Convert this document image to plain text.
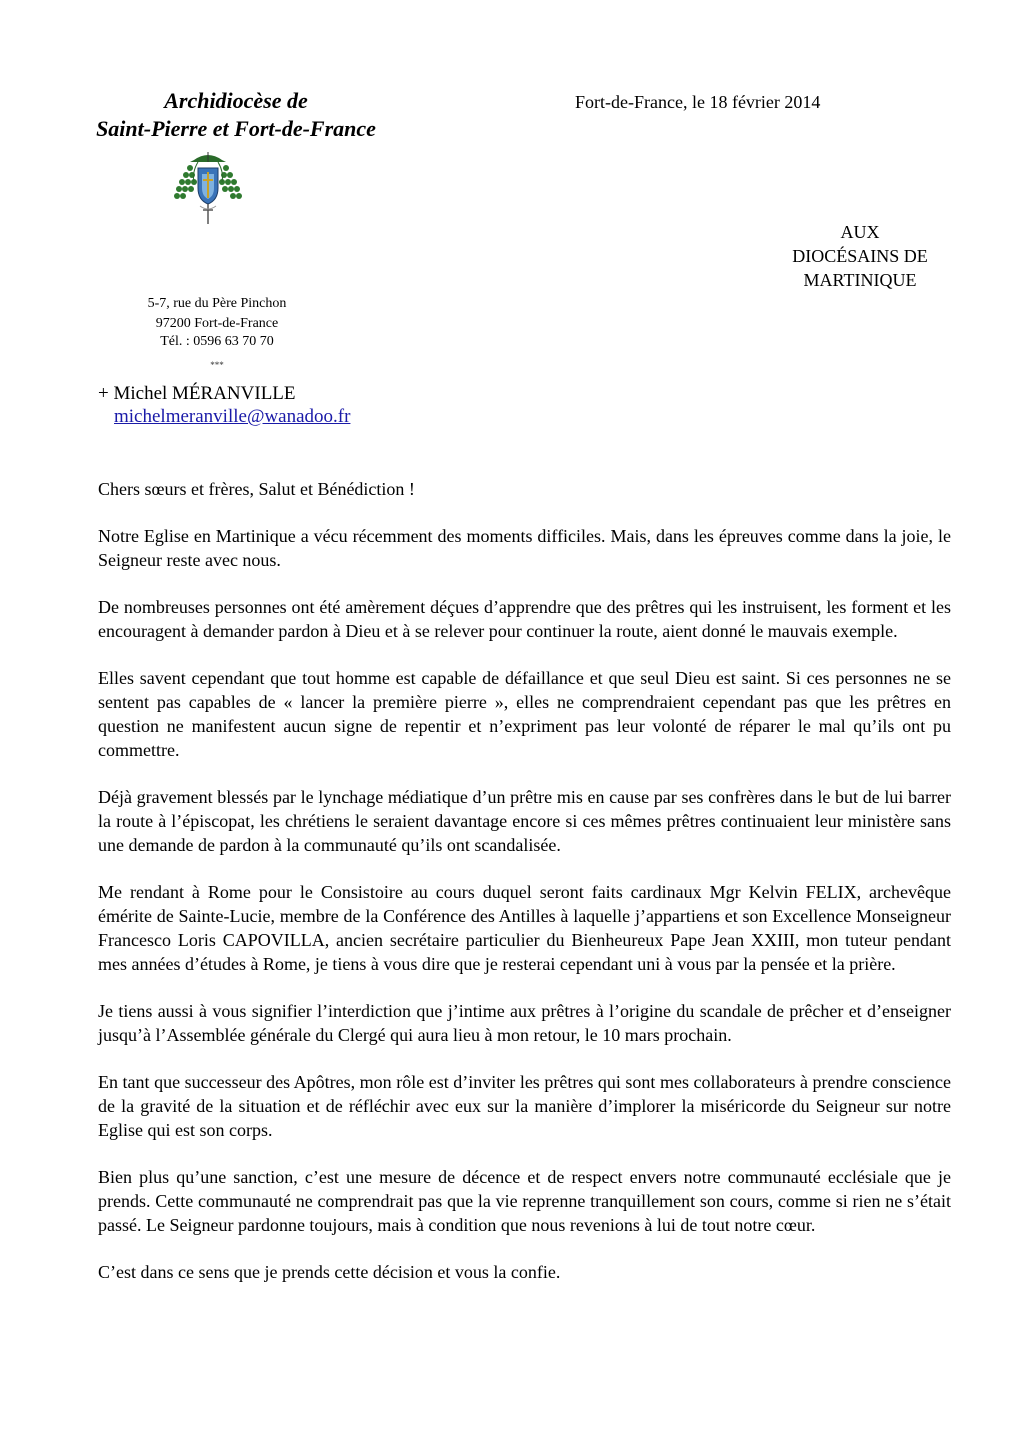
Archidiocèse de
Saint-Pierre et Fort-de-France
Fort-de-France, le 18 février 2014
AUX
DIOCÉSAINS DE
MARTINIQUE
5-7, rue du Père Pinchon
97200 Fort-de-France
Tél. : 0596 63 70 70
***
+ Michel MÉRANVILLE
michelmeranville@wanadoo.fr

Chers sœurs et frères, Salut et Bénédiction !

Notre Eglise en Martinique a vécu récemment des moments difficiles. Mais, dans les épreuves comme dans la joie, le Seigneur reste avec nous.

De nombreuses personnes ont été amèrement déçues d’apprendre que des prêtres qui les instruisent, les forment et les encouragent à demander pardon à Dieu et à se relever pour continuer la route, aient donné le mauvais exemple.

Elles savent cependant que tout homme est capable de défaillance et que seul Dieu est saint. Si ces personnes ne se sentent pas capables de « lancer la première pierre », elles ne comprendraient cependant pas que les prêtres en question ne manifestent aucun signe de repentir et n’expriment pas leur volonté de réparer le mal qu’ils ont pu commettre.

Déjà gravement blessés par le lynchage médiatique d’un prêtre mis en cause par ses confrères dans le but de lui barrer la route à l’épiscopat, les chrétiens le seraient davantage encore si ces mêmes prêtres continuaient leur ministère sans une demande de pardon à la communauté qu’ils ont scandalisée.

Me rendant à Rome pour le Consistoire au cours duquel seront faits cardinaux Mgr Kelvin FELIX, archevêque émérite de Sainte-Lucie, membre de la Conférence des Antilles à laquelle j’appartiens et son Excellence Monseigneur Francesco Loris CAPOVILLA, ancien secrétaire particulier du Bienheureux Pape Jean XXIII, mon tuteur pendant mes années d’études à Rome, je tiens à vous dire que je resterai cependant uni à vous par la pensée et la prière.

Je tiens aussi à vous signifier l’interdiction que j’intime aux prêtres à l’origine du scandale de prêcher et d’enseigner jusqu’à l’Assemblée générale du Clergé qui aura lieu à mon retour, le 10 mars prochain.

En tant que successeur des Apôtres, mon rôle est d’inviter les prêtres qui sont mes collaborateurs à prendre conscience de la gravité de la situation et de réfléchir avec eux sur la manière d’implorer la miséricorde du Seigneur sur notre Eglise qui est son corps.

Bien plus qu’une sanction, c’est une mesure de décence et de respect envers notre communauté ecclésiale que je prends. Cette communauté ne comprendrait pas que la vie reprenne tranquillement son cours, comme si rien ne s’était passé. Le Seigneur pardonne toujours, mais à condition que nous revenions à lui de tout notre cœur.

C’est dans ce sens que je prends cette décision et vous la confie.
